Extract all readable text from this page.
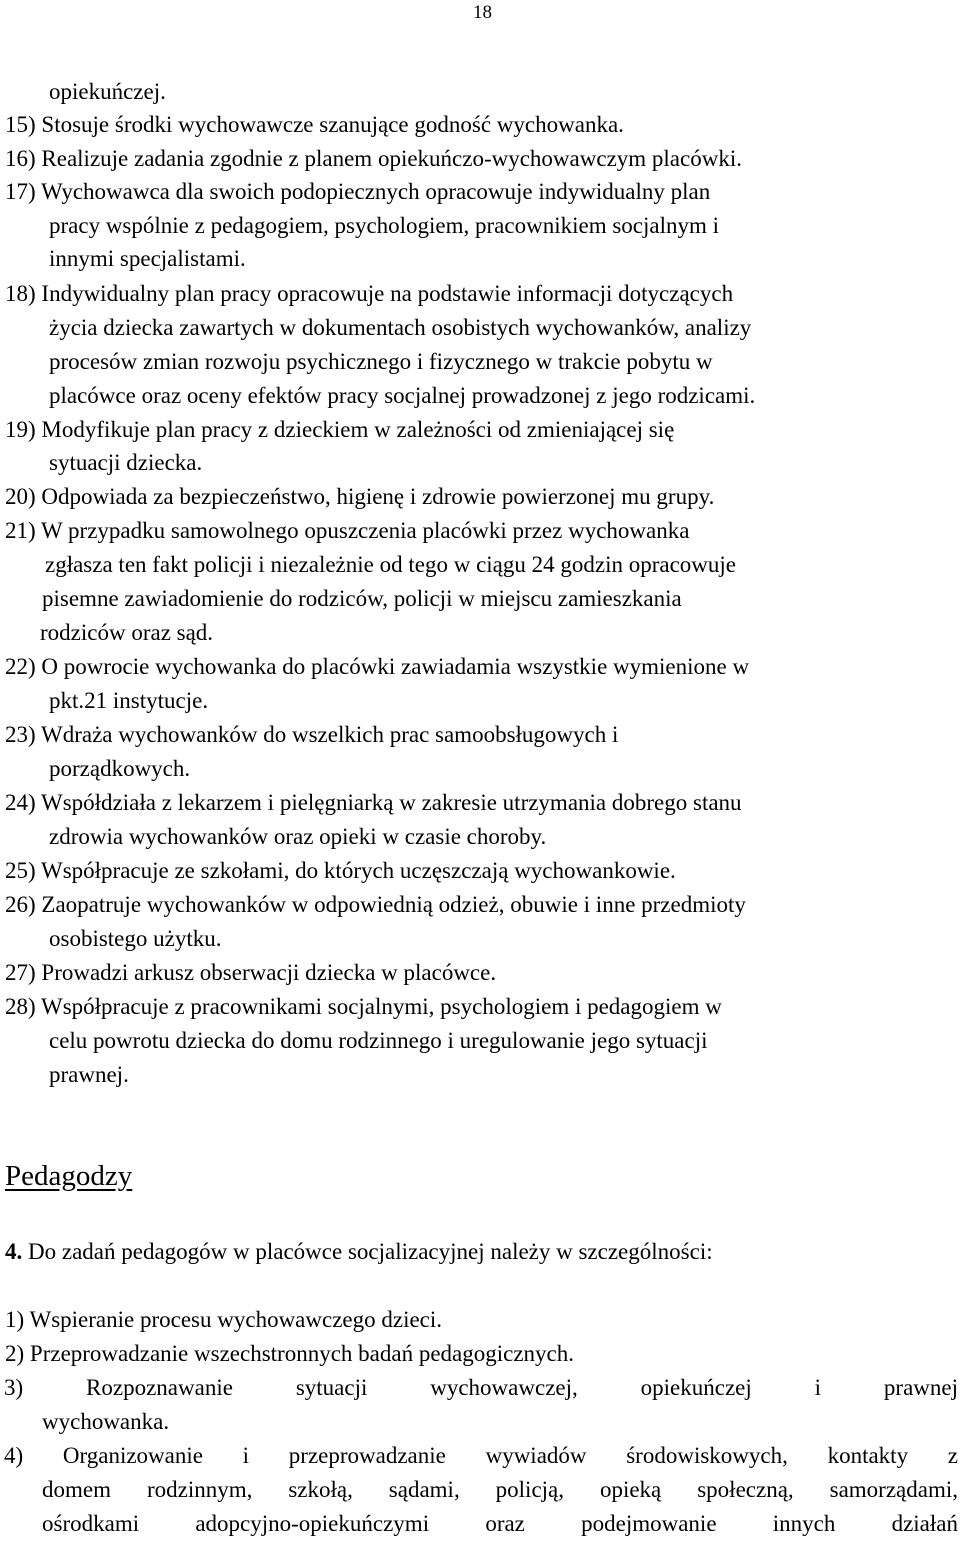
18
opiekuńczej.
15) Stosuje środki wychowawcze szanujące godność wychowanka.
16) Realizuje zadania zgodnie z planem opiekuńczo-wychowawczym placówki.
17) Wychowawca dla swoich podopiecznych opracowuje indywidualny plan
pracy wspólnie z pedagogiem, psychologiem, pracownikiem socjalnym i
innymi specjalistami.
18) Indywidualny plan pracy opracowuje na podstawie informacji dotyczących
życia dziecka zawartych w dokumentach osobistych wychowanków, analizy
procesów zmian rozwoju psychicznego i fizycznego w trakcie pobytu w
placówce oraz oceny efektów pracy socjalnej prowadzonej z jego rodzicami.
19) Modyfikuje plan pracy z dzieckiem w zależności od zmieniającej się
sytuacji dziecka.
20) Odpowiada za bezpieczeństwo, higienę i zdrowie powierzonej mu grupy.
21) W przypadku samowolnego opuszczenia placówki przez wychowanka
zgłasza ten fakt policji i niezależnie od tego w ciągu 24 godzin opracowuje
pisemne zawiadomienie do rodziców, policji w miejscu zamieszkania
rodziców oraz sąd.
22) O powrocie wychowanka do placówki zawiadamia wszystkie wymienione w
pkt.21 instytucje.
23) Wdraża wychowanków do wszelkich prac samoobsługowych i
porządkowych.
24) Współdziała z lekarzem i pielęgniarką w zakresie utrzymania dobrego stanu
zdrowia wychowanków oraz opieki w czasie choroby.
25) Współpracuje ze szkołami, do których uczęszczają wychowankowie.
26) Zaopatruje wychowanków w odpowiednią odzież, obuwie i inne przedmioty
osobistego użytku.
27) Prowadzi arkusz obserwacji dziecka w placówce.
28) Współpracuje z pracownikami socjalnymi, psychologiem i pedagogiem w
celu powrotu dziecka do domu rodzinnego i uregulowanie jego sytuacji
prawnej.
Pedagodzy
4. Do zadań pedagogów w placówce socjalizacyjnej należy w szczególności:
1) Wspieranie procesu wychowawczego dzieci.
2) Przeprowadzanie wszechstronnych badań pedagogicznych.
3) Rozpoznawanie sytuacji wychowawczej, opiekuńczej i prawnej
wychowanka.
4) Organizowanie i przeprowadzanie wywiadów środowiskowych, kontakty z
domem rodzinnym, szkołą, sądami, policją, opieką społeczną, samorządami,
ośrodkami adopcyjno-opiekuńczymi oraz podejmowanie innych działań
